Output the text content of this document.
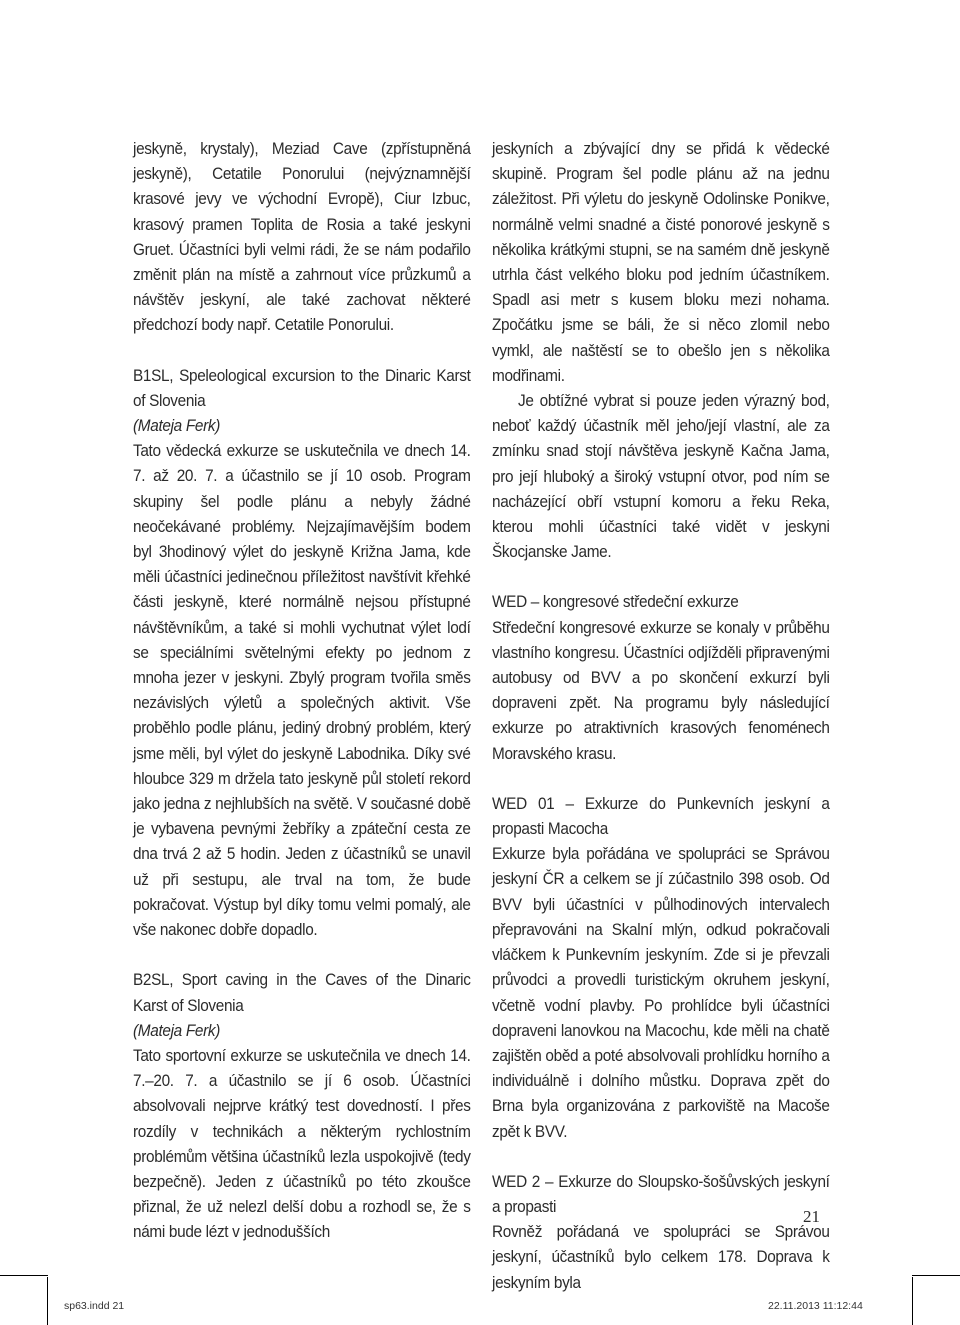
jeskyně, krystaly), Meziad Cave (zpřístupněná jeskyně), Cetatile Ponorului (nejvýznamnější krasové jevy ve východní Evropě), Ciur Izbuc, krasový pramen Toplita de Rosia a také jeskyni Gruet. Účastníci byli velmi rádi, že se nám podařilo změnit plán na místě a zahrnout více průzkumů a návštěv jeskyní, ale také zachovat některé předchozí body např. Cetatile Ponorului.

B1SL, Speleological excursion to the Dinaric Karst of Slovenia
(Mateja Ferk)
Tato vědecká exkurze se uskutečnila ve dnech 14. 7. až 20. 7. a účastnilo se jí 10 osob. Program skupiny šel podle plánu a nebyly žádné neočekávané problémy. Nejzajímavějším bodem byl 3hodinový výlet do jeskyně Križna Jama, kde měli účastníci jedinečnou příležitost navštívit křehké části jeskyně, které normálně nejsou přístupné návštěvníkům, a také si mohli vychutnat výlet lodí se speciálními světelnými efekty po jednom z mnoha jezer v jeskyni. Zbylý program tvořila směs nezávislých výletů a společných aktivit. Vše proběhlo podle plánu, jediný drobný problém, který jsme měli, byl výlet do jeskyně Labodnika. Díky své hloubce 329 m držela tato jeskyně půl století rekord jako jedna z nejhlubších na světě. V současné době je vybavena pevnými žebříky a zpáteční cesta ze dna trvá 2 až 5 hodin. Jeden z účastníků se unavil už při sestupu, ale trval na tom, že bude pokračovat. Výstup byl díky tomu velmi pomalý, ale vše nakonec dobře dopadlo.

B2SL, Sport caving in the Caves of the Dinaric Karst of Slovenia
(Mateja Ferk)
Tato sportovní exkurze se uskutečnila ve dnech 14. 7.–20. 7. a účastnilo se jí 6 osob. Účastníci absolvovali nejprve krátký test dovedností. I přes rozdíly v technikách a některým rychlostním problémům většina účastníků lezla uspokojivě (tedy bezpečně). Jeden z účastníků po této zkoušce přiznal, že už nelezl delší dobu a rozhodl se, že s námi bude lézt v jednodušších

jeskyních a zbývající dny se přidá k vědecké skupině. Program šel podle plánu až na jednu záležitost. Při výletu do jeskyně Odolinske Ponikve, normálně velmi snadné a čisté ponorové jeskyně s několika krátkými stupni, se na samém dně jeskyně utrhla část velkého bloku pod jedním účastníkem. Spadl asi metr s kusem bloku mezi nohama. Zpočátku jsme se báli, že si něco zlomil nebo vymkl, ale naštěstí se to obešlo jen s několika modřinami.

Je obtížné vybrat si pouze jeden výrazný bod, neboť každý účastník měl jeho/její vlastní, ale za zmínku snad stojí návštěva jeskyně Kačna Jama, pro její hluboký a široký vstupní otvor, pod ním se nacházející obří vstupní komoru a řeku Reka, kterou mohli účastníci také vidět v jeskyni Škocjanske Jame.

WED – kongresové středeční exkurze
Středeční kongresové exkurze se konaly v průběhu vlastního kongresu. Účastníci odjížděli připravenými autobusy od BVV a po skončení exkurzí byli dopraveni zpět. Na programu byly následující exkurze po atraktivních krasových fenoménech Moravského krasu.

WED 01 – Exkurze do Punkevních jeskyní a propasti Macocha
Exkurze byla pořádána ve spolupráci se Správou jeskyní ČR a celkem se jí zúčastnilo 398 osob. Od BVV byli účastníci v půlhodinových intervalech přepravováni na Skalní mlýn, odkud pokračovali vláčkem k Punkevním jeskyním. Zde si je převzali průvodci a provedli turistickým okruhem jeskyní, včetně vodní plavby. Po prohlídce byli účastníci dopraveni lanovkou na Macochu, kde měli na chatě zajištěn oběd a poté absolvovali prohlídku horního a individuálně i dolního můstku. Doprava zpět do Brna byla organizována z parkoviště na Macoše zpět k BVV.

WED 2 – Exkurze do Sloupsko-šošůvských jeskyní a propasti
Rovněž pořádaná ve spolupráci se Správou jeskyní, účastníků bylo celkem 178. Doprava k jeskyním byla

21
sp63.indd 21	22.11.2013 11:12:44
